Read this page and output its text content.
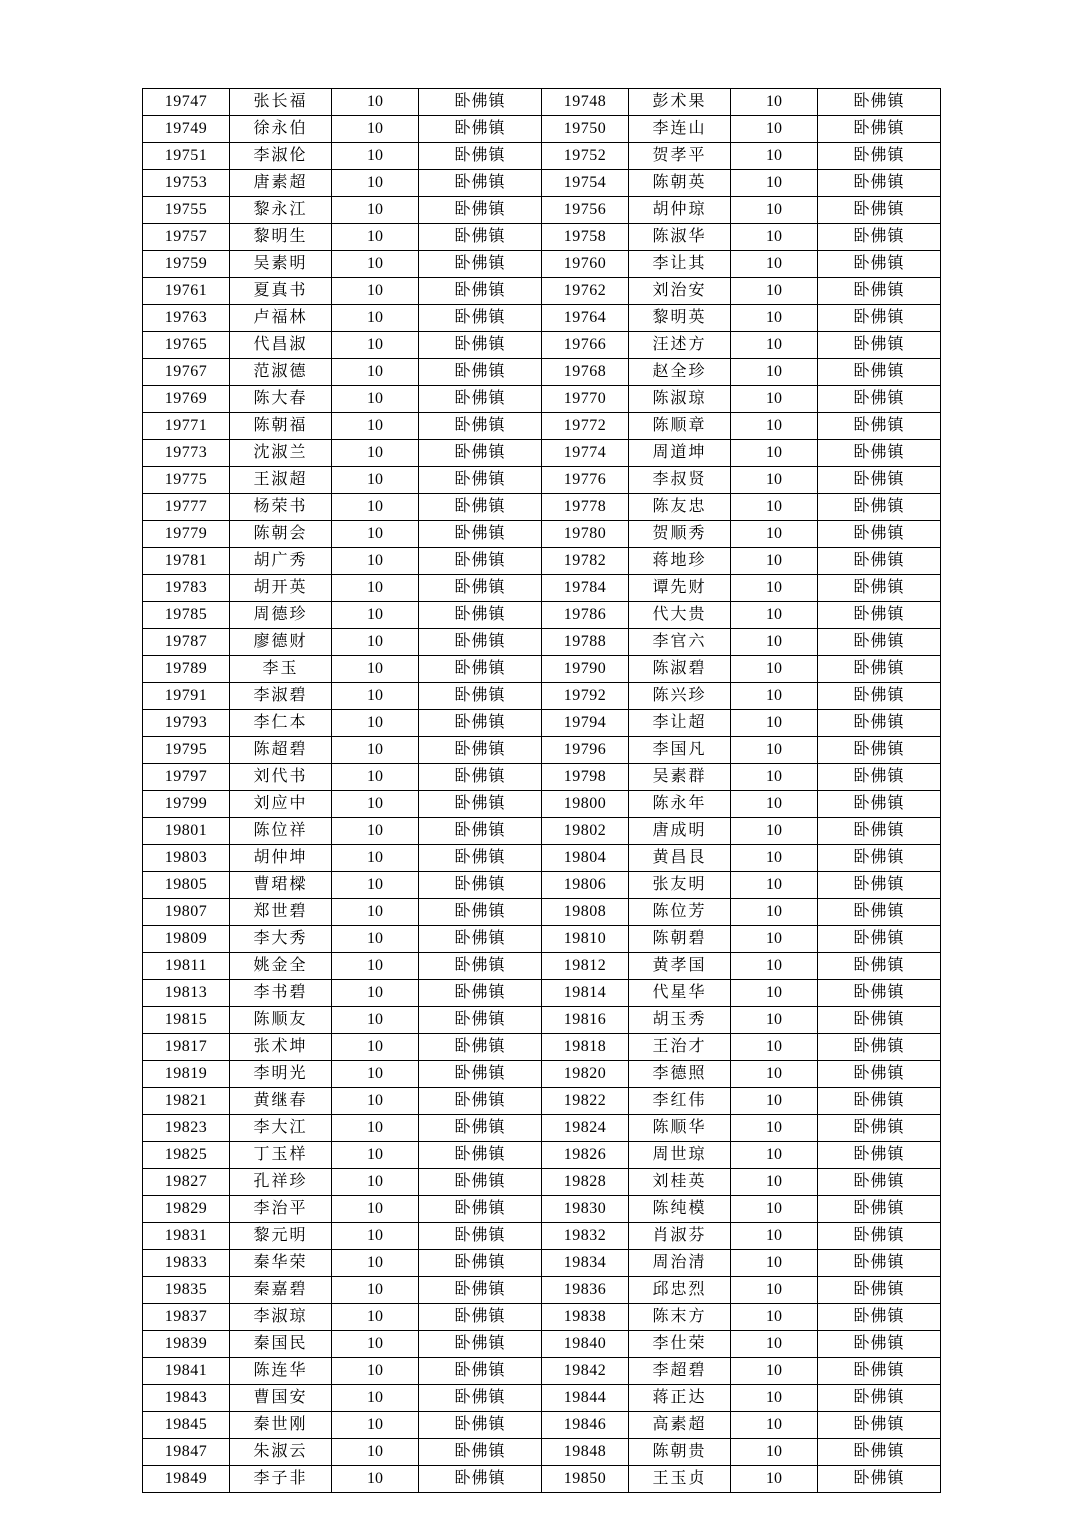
19747	张长福	10	卧佛镇	19748	彭术果	10	卧佛镇
19749	徐永伯	10	卧佛镇	19750	李连山	10	卧佛镇
19751	李淑伦	10	卧佛镇	19752	贺孝平	10	卧佛镇
19753	唐素超	10	卧佛镇	19754	陈朝英	10	卧佛镇
19755	黎永江	10	卧佛镇	19756	胡仲琼	10	卧佛镇
19757	黎明生	10	卧佛镇	19758	陈淑华	10	卧佛镇
19759	吴素明	10	卧佛镇	19760	李让其	10	卧佛镇
19761	夏真书	10	卧佛镇	19762	刘治安	10	卧佛镇
19763	卢福林	10	卧佛镇	19764	黎明英	10	卧佛镇
19765	代昌淑	10	卧佛镇	19766	汪述方	10	卧佛镇
19767	范淑德	10	卧佛镇	19768	赵全珍	10	卧佛镇
19769	陈大春	10	卧佛镇	19770	陈淑琼	10	卧佛镇
19771	陈朝福	10	卧佛镇	19772	陈顺章	10	卧佛镇
19773	沈淑兰	10	卧佛镇	19774	周道坤	10	卧佛镇
19775	王淑超	10	卧佛镇	19776	李叔贤	10	卧佛镇
19777	杨荣书	10	卧佛镇	19778	陈友忠	10	卧佛镇
19779	陈朝会	10	卧佛镇	19780	贺顺秀	10	卧佛镇
19781	胡广秀	10	卧佛镇	19782	蒋地珍	10	卧佛镇
19783	胡开英	10	卧佛镇	19784	谭先财	10	卧佛镇
19785	周德珍	10	卧佛镇	19786	代大贵	10	卧佛镇
19787	廖德财	10	卧佛镇	19788	李官六	10	卧佛镇
19789	李玉	10	卧佛镇	19790	陈淑碧	10	卧佛镇
19791	李淑碧	10	卧佛镇	19792	陈兴珍	10	卧佛镇
19793	李仁本	10	卧佛镇	19794	李让超	10	卧佛镇
19795	陈超碧	10	卧佛镇	19796	李国凡	10	卧佛镇
19797	刘代书	10	卧佛镇	19798	吴素群	10	卧佛镇
19799	刘应中	10	卧佛镇	19800	陈永年	10	卧佛镇
19801	陈位祥	10	卧佛镇	19802	唐成明	10	卧佛镇
19803	胡仲坤	10	卧佛镇	19804	黄昌艮	10	卧佛镇
19805	曹珺樑	10	卧佛镇	19806	张友明	10	卧佛镇
19807	郑世碧	10	卧佛镇	19808	陈位芳	10	卧佛镇
19809	李大秀	10	卧佛镇	19810	陈朝碧	10	卧佛镇
19811	姚金全	10	卧佛镇	19812	黄孝国	10	卧佛镇
19813	李书碧	10	卧佛镇	19814	代星华	10	卧佛镇
19815	陈顺友	10	卧佛镇	19816	胡玉秀	10	卧佛镇
19817	张术坤	10	卧佛镇	19818	王治才	10	卧佛镇
19819	李明光	10	卧佛镇	19820	李德照	10	卧佛镇
19821	黄继春	10	卧佛镇	19822	李红伟	10	卧佛镇
19823	李大江	10	卧佛镇	19824	陈顺华	10	卧佛镇
19825	丁玉样	10	卧佛镇	19826	周世琼	10	卧佛镇
19827	孔祥珍	10	卧佛镇	19828	刘桂英	10	卧佛镇
19829	李治平	10	卧佛镇	19830	陈纯模	10	卧佛镇
19831	黎元明	10	卧佛镇	19832	肖淑芬	10	卧佛镇
19833	秦华荣	10	卧佛镇	19834	周治清	10	卧佛镇
19835	秦嘉碧	10	卧佛镇	19836	邱忠烈	10	卧佛镇
19837	李淑琼	10	卧佛镇	19838	陈末方	10	卧佛镇
19839	秦国民	10	卧佛镇	19840	李仕荣	10	卧佛镇
19841	陈连华	10	卧佛镇	19842	李超碧	10	卧佛镇
19843	曹国安	10	卧佛镇	19844	蒋正达	10	卧佛镇
19845	秦世刚	10	卧佛镇	19846	高素超	10	卧佛镇
19847	朱淑云	10	卧佛镇	19848	陈朝贵	10	卧佛镇
19849	李子非	10	卧佛镇	19850	王玉贞	10	卧佛镇
